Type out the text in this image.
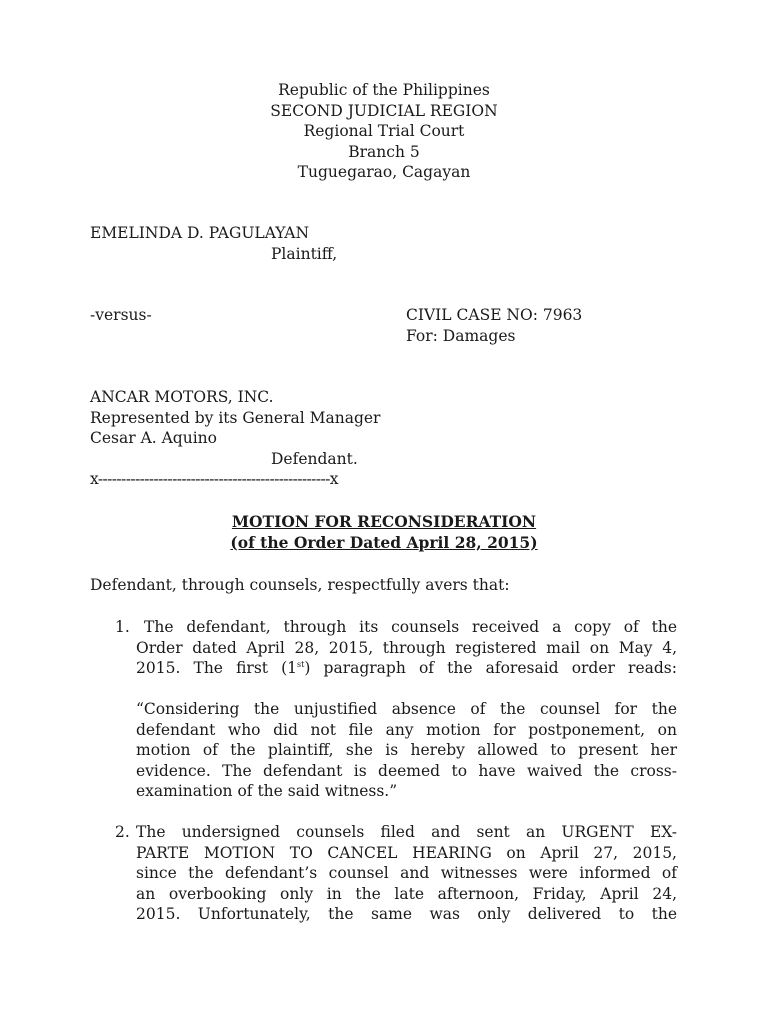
Republic of the Philippines
SECOND JUDICIAL REGION
Regional Trial Court
Branch 5
Tuguegarao, Cagayan
EMELINDA D. PAGULAYAN
Plaintiff,
-versus-	CIVIL CASE NO: 7963
For: Damages
ANCAR MOTORS, INC.
Represented by its General Manager
Cesar A. Aquino
Defendant.
x--------------------------------------------------x
MOTION FOR RECONSIDERATION
(of the Order Dated April 28, 2015)
Defendant, through counsels, respectfully avers that:
1. The defendant, through its counsels received a copy of the
Order dated April 28, 2015, through registered mail on May 4,
2015. The first (1st) paragraph of the aforesaid order reads:
“Considering the unjustified absence of the counsel for the
defendant who did not file any motion for postponement, on
motion of the plaintiff, she is hereby allowed to present her
evidence. The defendant is deemed to have waived the cross-
examination of the said witness.”
2. The undersigned counsels filed and sent an URGENT EX-
PARTE MOTION TO CANCEL HEARING on April 27, 2015,
since the defendant’s counsel and witnesses were informed of
an overbooking only in the late afternoon, Friday, April 24,
2015. Unfortunately, the same was only delivered to the
